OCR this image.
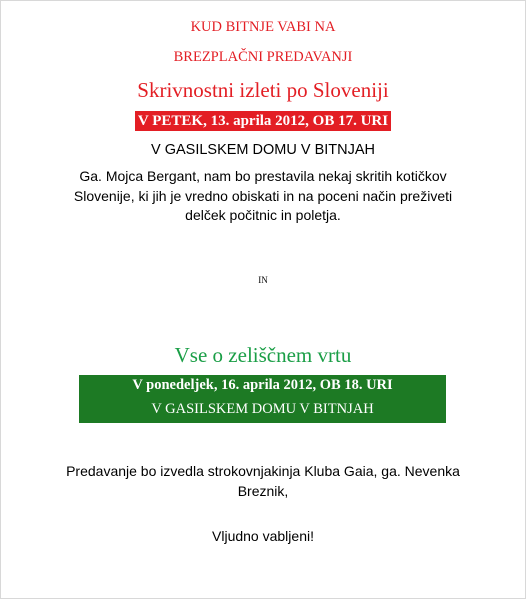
KUD BITNJE VABI NA
BREZPLAČNI PREDAVANJI
Skrivnostni izleti po Sloveniji
V PETEK, 13. aprila 2012, OB 17. URI
V GASILSKEM DOMU V BITNJAH
Ga. Mojca Bergant, nam bo prestavila nekaj skritih kotičkov Slovenije, ki jih je vredno obiskati in na poceni način preživeti delček počitnic in poletja.
IN
Vse o zeliščnem vrtu
V ponedeljek, 16. aprila 2012, OB 18. URI
V GASILSKEM DOMU V BITNJAH
Predavanje bo izvedla strokovnjakinja Kluba Gaia, ga. Nevenka Breznik,
Vljudno vabljeni!
